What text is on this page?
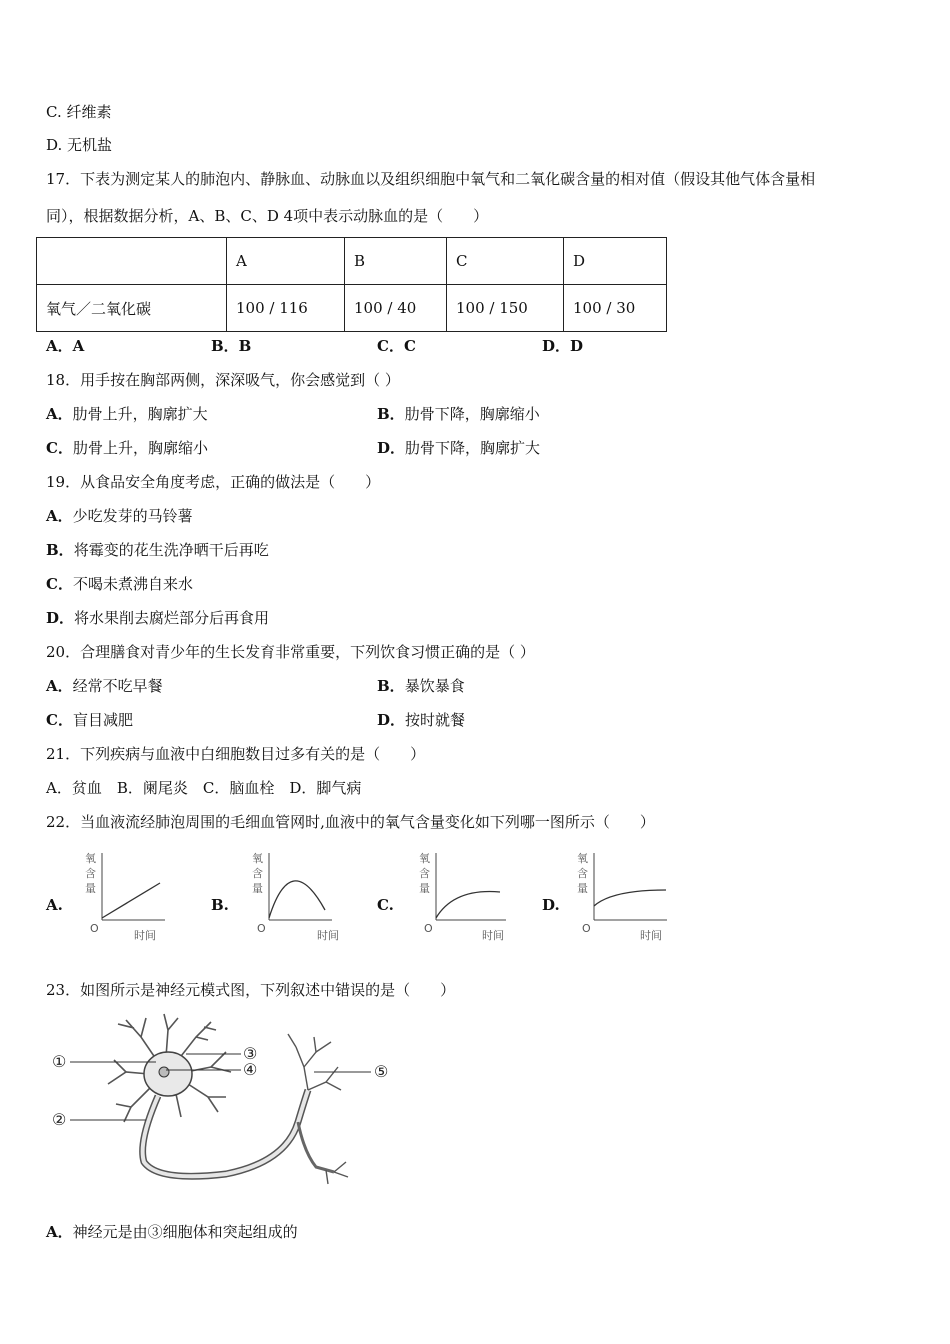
C. 纤维素
D. 无机盐
17．下表为测定某人的肺泡内、静脉血、动脉血以及组织细胞中氧气和二氧化碳含量的相对值（假设其他气体含量相
同），根据数据分析，A、B、C、D 4项中表示动脉血的是（　　）
	A	B	C	D
氧气／二氧化碳	100 / 116	100 / 40	100 / 150	100 / 30
A．A	B．B	C．C	D．D
18．用手按在胸部两侧，深深吸气，你会感觉到（ ）
A．肋骨上升，胸廓扩大	B．肋骨下降，胸廓缩小
C．肋骨上升，胸廓缩小	D．肋骨下降，胸廓扩大
19．从食品安全角度考虑，正确的做法是（　　）
A．少吃发芽的马铃薯
B．将霉变的花生洗净晒干后再吃
C．不喝未煮沸自来水
D．将水果削去腐烂部分后再食用
20．合理膳食对青少年的生长发育非常重要，下列饮食习惯正确的是（ ）
A．经常不吃早餐	B．暴饮暴食
C．盲目减肥	D．按时就餐
21．下列疾病与血液中白细胞数目过多有关的是（　　）
A．贫血　B．阑尾炎　C．脑血栓　D．脚气病
22．当血液流经肺泡周围的毛细血管网时,血液中的氧气含量变化如下列哪一图所示（　　）
A.	B.	C.	D.
氧
含
量
O
时间
氧
含
量
O
时间
氧
含
量
O
时间
氧
含
量
O
时间
23．如图所示是神经元模式图，下列叙述中错误的是（　　）
①
②
③
④	⑤
A．神经元是由③细胞体和突起组成的
